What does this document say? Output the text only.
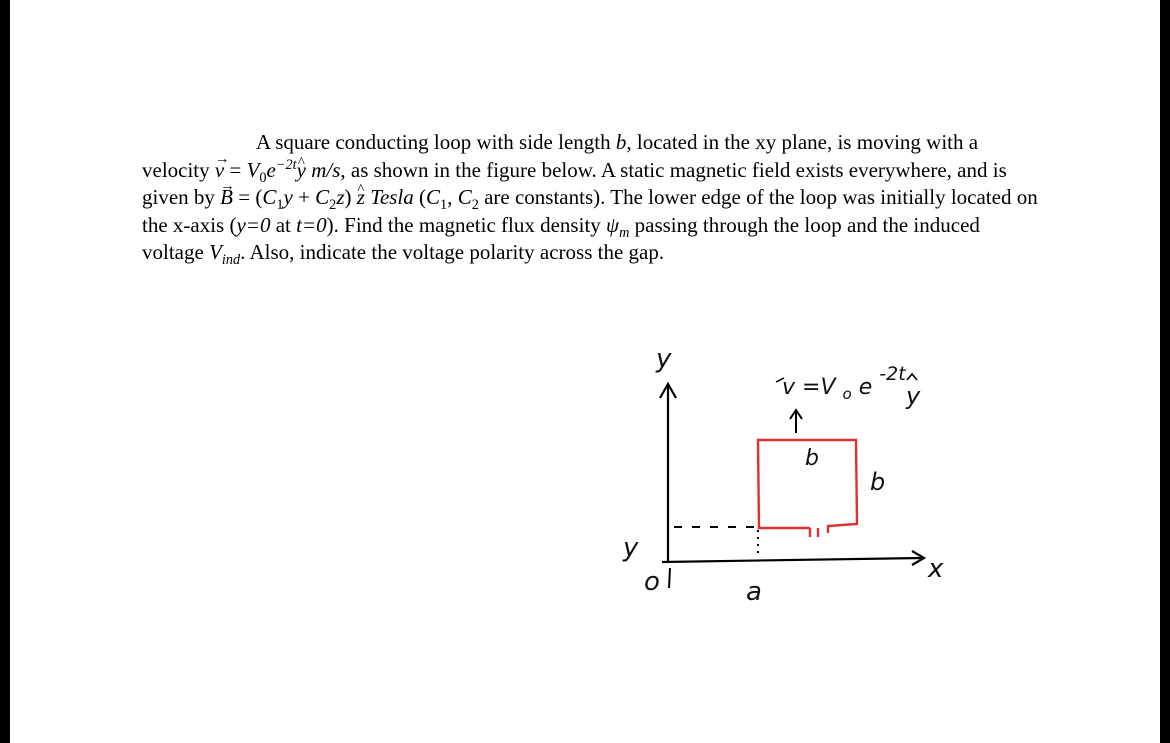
A square conducting loop with side length b, located in the xy plane, is moving with a velocity → $v = V_0e^{-2t}\^{}$ y m/s, as shown in the figure below. A static magnetic field exists everywhere, and is given by → $B = (C_1y + C_2z)$ ^ z Tesla ($C_1$, $C_2$ are constants). The lower edge of the loop was initially located on the x-axis (y=0 at t=0). Find the magnetic flux density $\psi_m$ passing through the loop and the induced voltage $V_{ind}$. Also, indicate the voltage polarity across the gap.

y
x
o
y
a
b
b
v =V $_o$ e -2t
y
